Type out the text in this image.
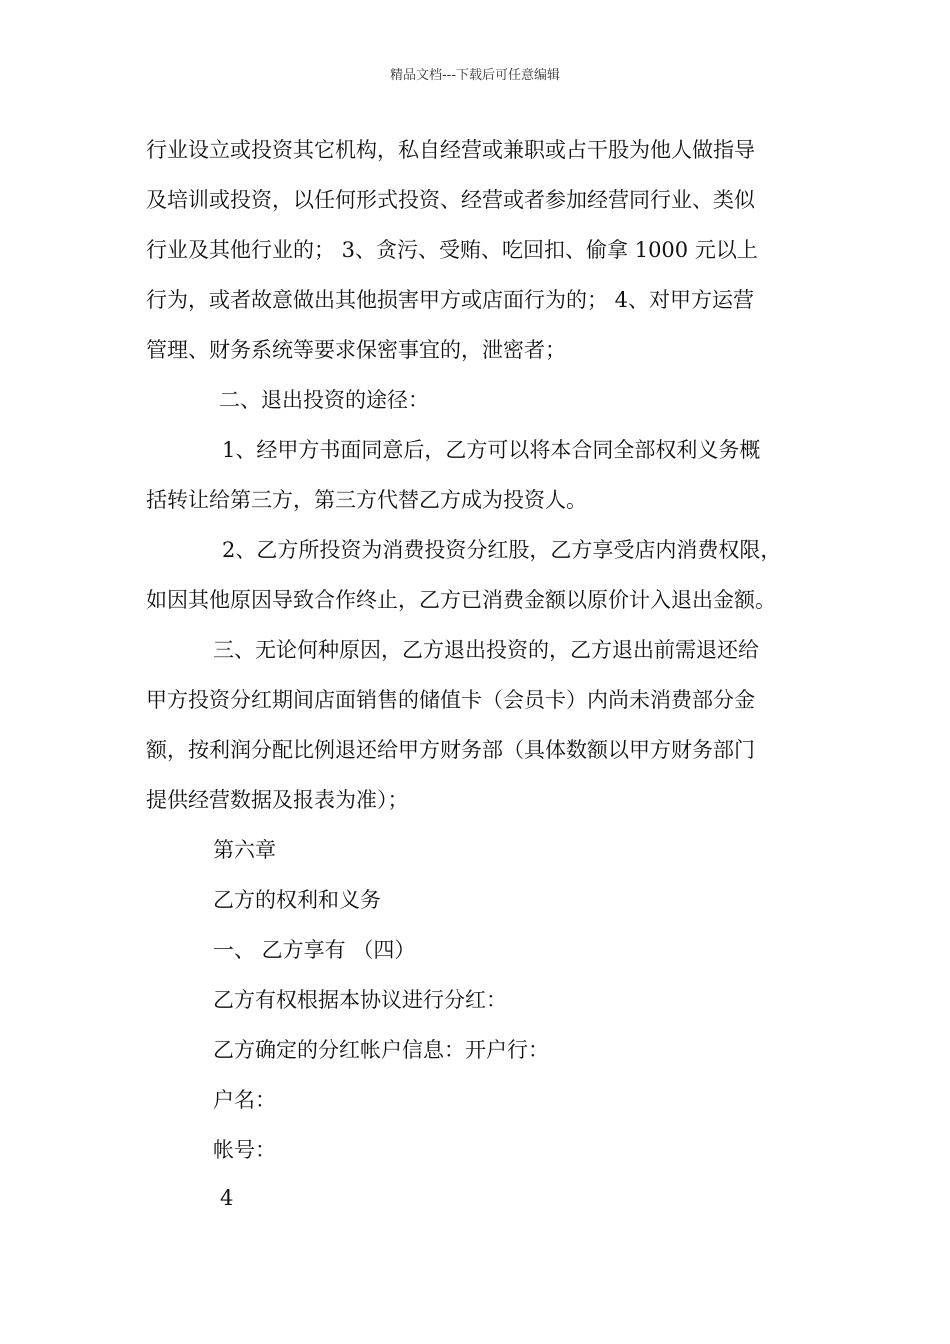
精品文档---下载后可任意编辑
行业设立或投资其它机构，私自经营或兼职或占干股为他人做指导
及培训或投资，以任何形式投资、经营或者参加经营同行业、类似
行业及其他行业的； 3、贪污、受贿、吃回扣、偷拿 1000 元以上
行为，或者故意做出其他损害甲方或店面行为的； 4、对甲方运营
管理、财务系统等要求保密事宜的，泄密者；
二、退出投资的途径：
1、经甲方书面同意后，乙方可以将本合同全部权利义务概
括转让给第三方，第三方代替乙方成为投资人。
2、乙方所投资为消费投资分红股，乙方享受店内消费权限，
如因其他原因导致合作终止，乙方已消费金额以原价计入退出金额。
三、无论何种原因，乙方退出投资的，乙方退出前需退还给
甲方投资分红期间店面销售的储值卡（会员卡）内尚未消费部分金
额，按利润分配比例退还给甲方财务部（具体数额以甲方财务部门
提供经营数据及报表为准）；
第六章
乙方的权利和义务
一、 乙方享有 （四）
乙方有权根据本协议进行分红：
乙方确定的分红帐户信息：开户行：
户名：
帐号：
4
